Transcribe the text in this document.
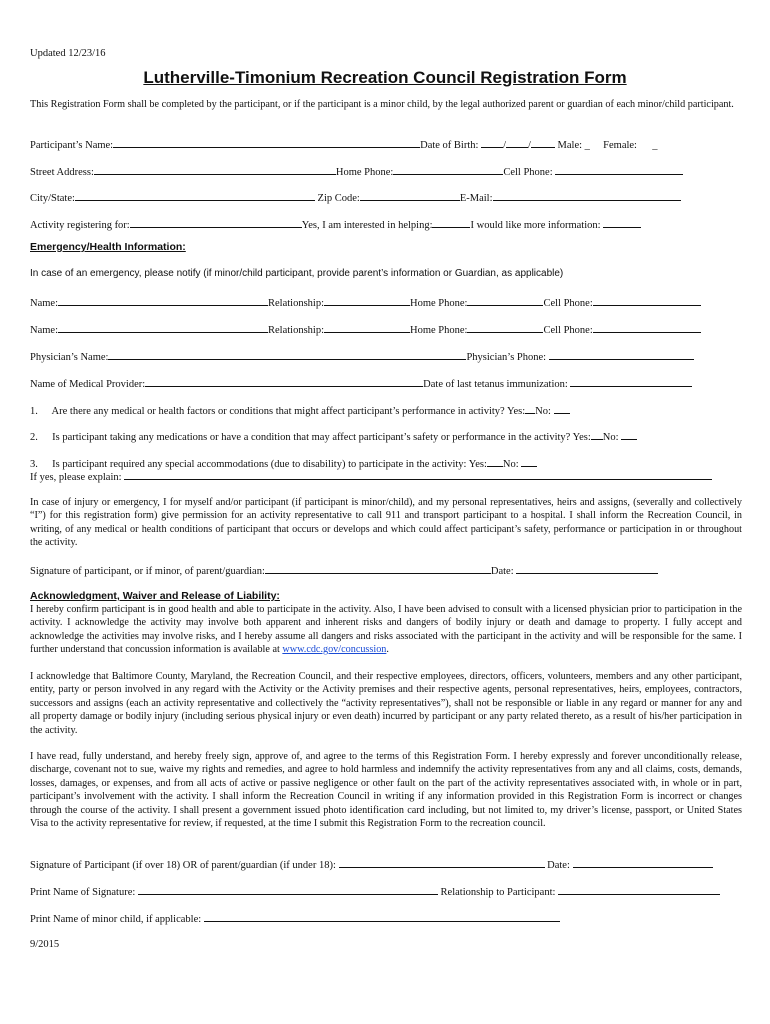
Updated 12/23/16
Lutherville-Timonium Recreation Council Registration Form
This Registration Form shall be completed by the participant, or if the participant is a minor child, by the legal authorized parent or guardian of each minor/child participant.
Participant’s Name:	Date of Birth: / /	Male: _ Female: _
Street Address:	Home Phone:	Cell Phone:
City/State:	Zip Code:	E-Mail:
Activity registering for:	Yes, I am interested in helping:	I would like more information:
Emergency/Health Information:
In case of an emergency, please notify (if minor/child participant, provide parent’s information or Guardian, as applicable)
Name:	Relationship:	Home Phone:	Cell Phone:
Name:	Relationship:	Home Phone:	Cell Phone:
Physician’s Name:	Physician’s Phone:
Name of Medical Provider:	Date of last tetanus immunization:
1. Are there any medical or health factors or conditions that might affect participant’s performance in activity? Yes: No:
2. Is participant taking any medications or have a condition that may affect participant’s safety or performance in the activity? Yes: No:
3. Is participant required any special accommodations (due to disability) to participate in the activity: Yes: No:
If yes, please explain:
In case of injury or emergency, I for myself and/or participant (if participant is minor/child), and my personal representatives, heirs and assigns, (severally and collectively “I”) for this registration form) give permission for an activity representative to call 911 and transport participant to a hospital. I shall inform the Recreation Council, in writing, of any medical or health conditions of participant that occurs or develops and which could affect participant’s safety, performance or participation in or throughout the activity.
Signature of participant, or if minor, of parent/guardian:	Date:
Acknowledgment, Waiver and Release of Liability:
I hereby confirm participant is in good health and able to participate in the activity. Also, I have been advised to consult with a licensed physician prior to participation in the activity. I acknowledge the activity may involve both apparent and inherent risks and dangers of bodily injury or death and damage to property. I fully accept and acknowledge the activities may involve risks, and I hereby assume all dangers and risks associated with the participant in the activity and will be responsible for the same. I further understand that concussion information is available at www.cdc.gov/concussion.
I acknowledge that Baltimore County, Maryland, the Recreation Council, and their respective employees, directors, officers, volunteers, members and any other participant, entity, party or person involved in any regard with the Activity or the Activity premises and their respective agents, personal representatives, heirs, employees, contractors, successors and assigns (each an activity representative and collectively the “activity representatives”), shall not be responsible or liable in any regard or manner for any and all property damage or bodily injury (including serious physical injury or even death) incurred by participant or any party related thereto, as a result of his/her participation in the activity.
I have read, fully understand, and hereby freely sign, approve of, and agree to the terms of this Registration Form. I hereby expressly and forever unconditionally release, discharge, covenant not to sue, waive my rights and remedies, and agree to hold harmless and indemnify the activity representatives from any and all claims, costs, demands, losses, damages, or expenses, and from all acts of active or passive negligence or other fault on the part of the activity representatives associated with, in whole or in part, participant’s involvement with the activity. I shall inform the Recreation Council in writing if any information provided in this Registration Form is incorrect or changes through the course of the activity. I shall present a government issued photo identification card including, but not limited to, my driver’s license, passport, or United States Visa to the activity representative for review, if requested, at the time I submit this Registration Form to the recreation council.
Signature of Participant (if over 18) OR of parent/guardian (if under 18):	Date:
Print Name of Signature:	Relationship to Participant:
Print Name of minor child, if applicable:
9/2015
